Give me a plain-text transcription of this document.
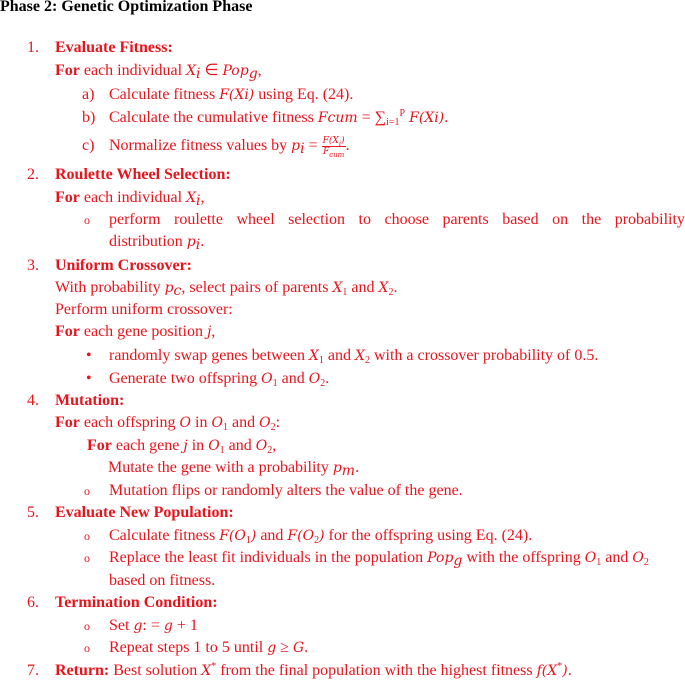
Phase 2: Genetic Optimization Phase
1. Evaluate Fitness:
For each individual $X_i$ ∈ Pop$_g$,
a) Calculate fitness F(Xi) using Eq. (24).
b) Calculate the cumulative fitness Fcum = $\sum_{i=1}^P$ F(Xi).
c) Normalize fitness values by $p_i = \frac{F(X_i)}{F_{cum}}$ .
2. Roulette Wheel Selection:
For each individual $X_i$,
o perform roulette wheel selection to choose parents based on the probability
distribution $p_i$.
3. Uniform Crossover:
With probability $p_c$, select pairs of parents $X_1$ and $X_2$.
Perform uniform crossover:
For each gene position j,
• randomly swap genes between $X_1$ and $X_2$ with a crossover probability of 0.5.
• Generate two offspring $O_1$ and $O_2$.
4. Mutation:
For each offspring O in $O_1$ and $O_2$:
For each gene j in $O_1$ and $O_2$,
Mutate the gene with a probability $p_m$.
o Mutation flips or randomly alters the value of the gene.
5. Evaluate New Population:
o Calculate fitness $F(O_1)$ and $F(O_2)$ for the offspring using Eq. (24).
o Replace the least fit individuals in the population Pop$_g$ with the offspring $O_1$ and $O_2$
based on fitness.
6. Termination Condition:
o Set g: = g + 1
o Repeat steps 1 to 5 until g ≥ G.
7. Return: Best solution X* from the final population with the highest fitness f(X*).
